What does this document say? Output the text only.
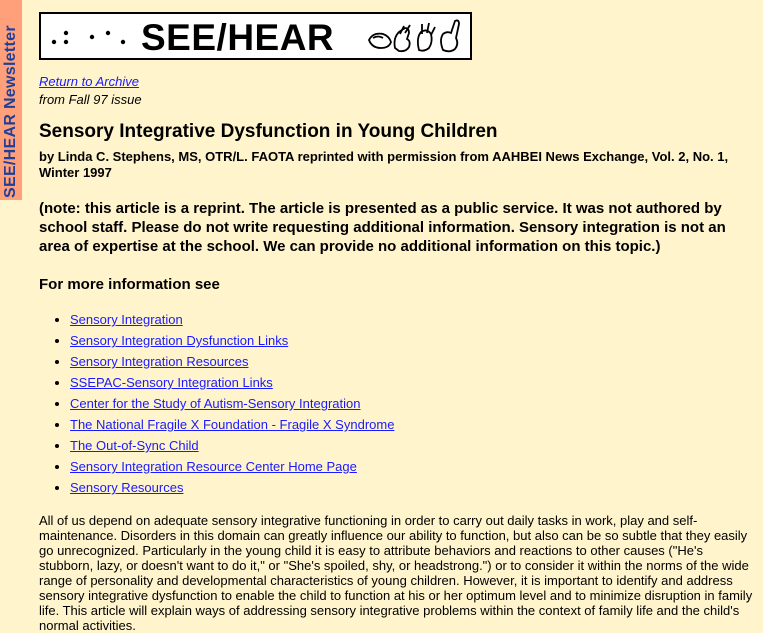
SEE/HEAR Newsletter	SEE/HEAR
Return to Archive
from Fall 97 issue
Sensory Integrative Dysfunction in Young Children
by Linda C. Stephens, MS, OTR/L. FAOTA reprinted with permission from AAHBEI News Exchange, Vol. 2, No. 1, Winter 1997
(note: this article is a reprint. The article is presented as a public service. It was not authored by school staff. Please do not write requesting additional information. Sensory integration is not an area of expertise at the school. We can provide no additional information on this topic.)
For more information see
• Sensory Integration
• Sensory Integration Dysfunction Links
• Sensory Integration Resources
• SSEPAC-Sensory Integration Links
• Center for the Study of Autism-Sensory Integration
• The National Fragile X Foundation - Fragile X Syndrome
• The Out-of-Sync Child
• Sensory Integration Resource Center Home Page
• Sensory Resources
All of us depend on adequate sensory integrative functioning in order to carry out daily tasks in work, play and self-maintenance. Disorders in this domain can greatly influence our ability to function, but also can be so subtle that they easily go unrecognized. Particularly in the young child it is easy to attribute behaviors and reactions to other causes ("He's stubborn, lazy, or doesn't want to do it," or "She's spoiled, shy, or headstrong.") or to consider it within the norms of the wide range of personality and developmental characteristics of young children. However, it is important to identify and address sensory integrative dysfunction to enable the child to function at his or her optimum level and to minimize disruption in family life. This article will explain ways of addressing sensory integrative problems within the context of family life and the child's normal activities.
